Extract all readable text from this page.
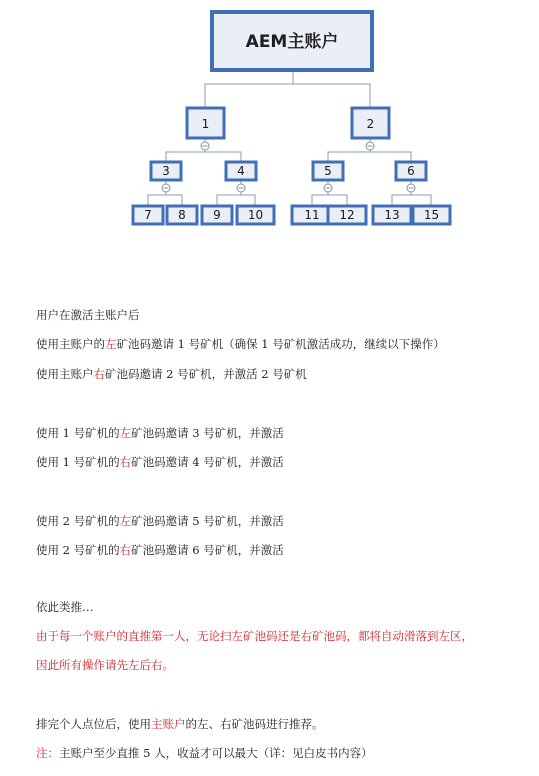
AEM主账户
1	2
3	4	5	6
7 8 9 10	11 12 13 15
用户在激活主账户后
使用主账户的左矿池码邀请 1 号矿机（确保 1 号矿机激活成功，继续以下操作）
使用主账户右矿池码邀请 2 号矿机，并激活 2 号矿机
使用 1 号矿机的左矿池码邀请 3 号矿机，并激活
使用 1 号矿机的右矿池码邀请 4 号矿机，并激活
使用 2 号矿机的左矿池码邀请 5 号矿机，并激活
使用 2 号矿机的右矿池码邀请 6 号矿机，并激活
依此类推…
由于每一个账户的直推第一人，无论扫左矿池码还是右矿池码，都将自动滑落到左区，
因此所有操作请先左后右。
排完个人点位后，使用主账户的左、右矿池码进行推荐。
注：主账户至少直推 5 人，收益才可以最大（详：见白皮书内容）
